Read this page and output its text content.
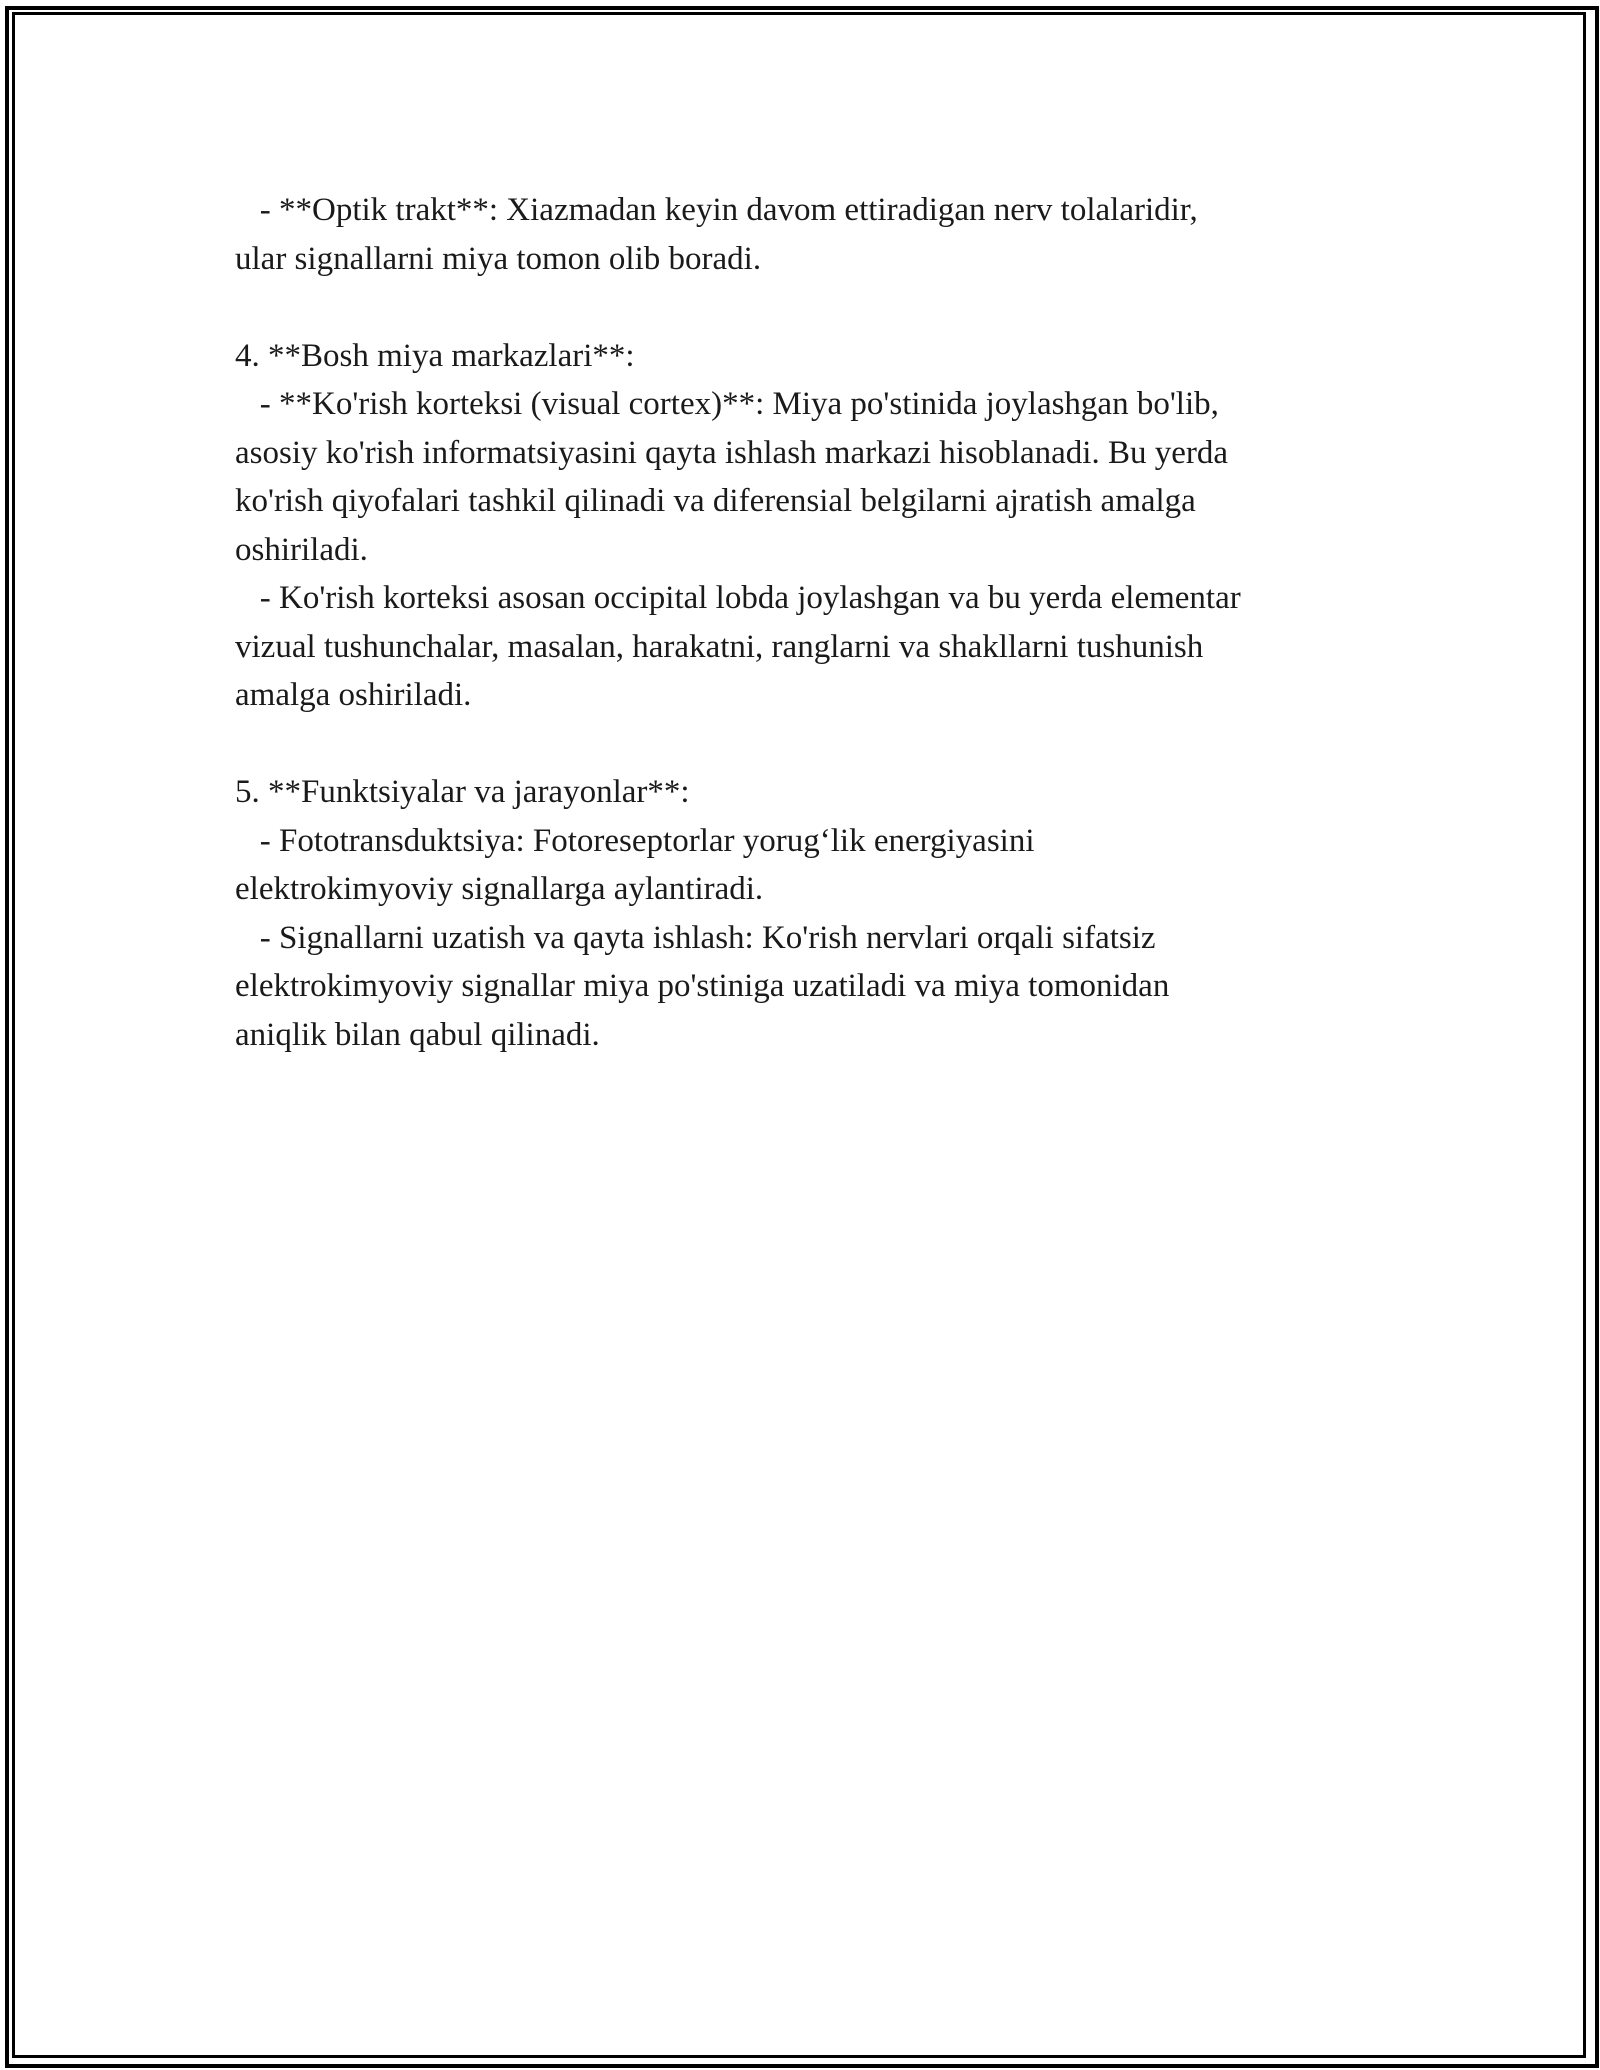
- **Optik trakt**: Xiazmadan keyin davom ettiradigan nerv tolalaridir,
ular signallarni miya tomon olib boradi.
4. **Bosh miya markazlari**:
- **Ko'rish korteksi (visual cortex)**: Miya po'stinida joylashgan bo'lib,
asosiy ko'rish informatsiyasini qayta ishlash markazi hisoblanadi. Bu yerda
ko'rish qiyofalari tashkil qilinadi va diferensial belgilarni ajratish amalga
oshiriladi.
- Ko'rish korteksi asosan occipital lobda joylashgan va bu yerda elementar
vizual tushunchalar, masalan, harakatni, ranglarni va shakllarni tushunish
amalga oshiriladi.
5. **Funktsiyalar va jarayonlar**:
- Fototransduktsiya: Fotoreseptorlar yorug‘lik energiyasini
elektrokimyoviy signallarga aylantiradi.
- Signallarni uzatish va qayta ishlash: Ko'rish nervlari orqali sifatsiz
elektrokimyoviy signallar miya po'stiniga uzatiladi va miya tomonidan
aniqlik bilan qabul qilinadi.
